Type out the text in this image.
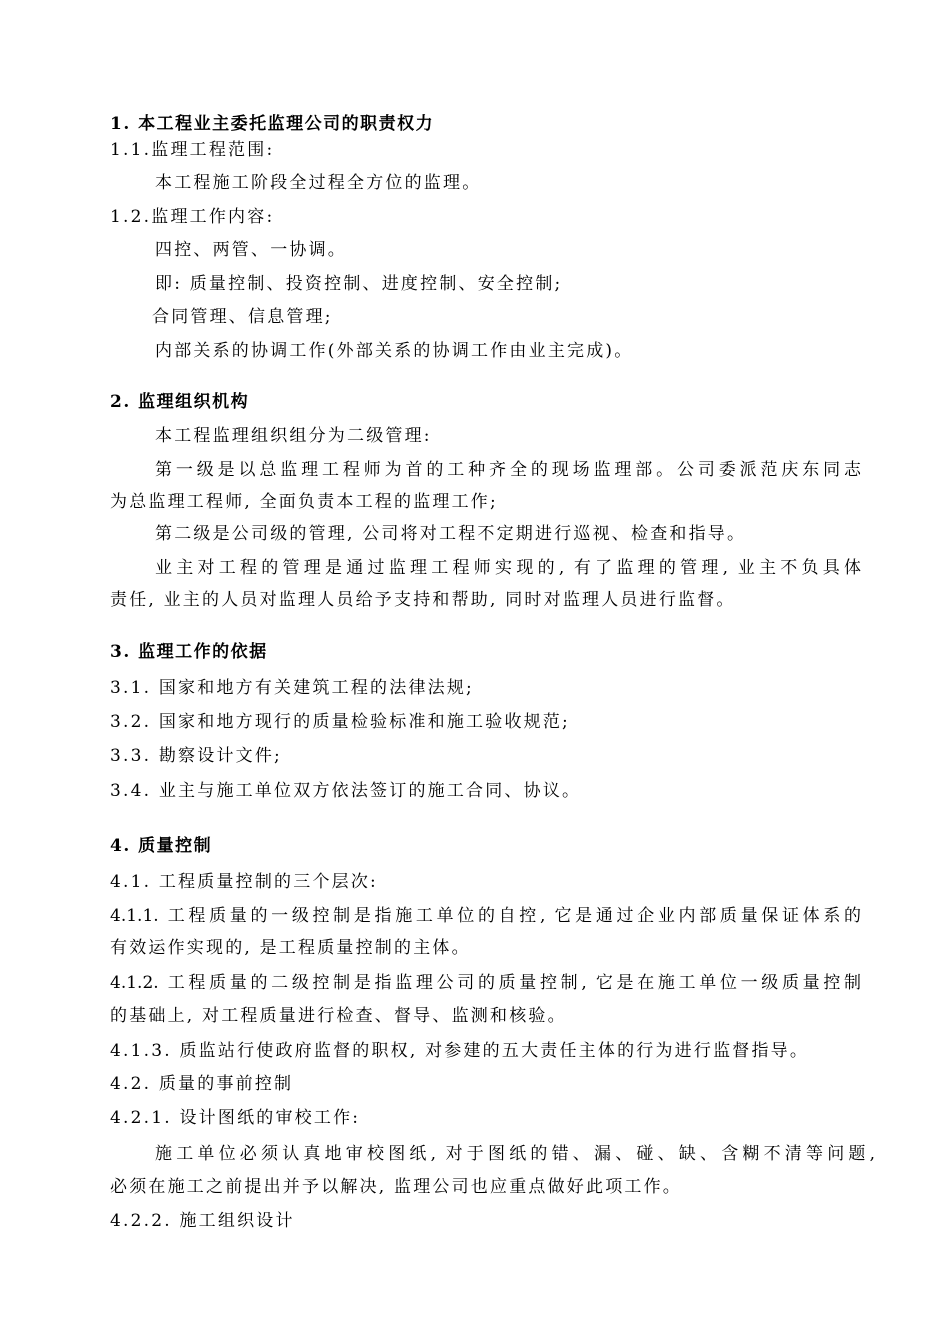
1. 本工程业主委托监理公司的职责权力
1.1.监理工程范围:
本工程施工阶段全过程全方位的监理。
1.2.监理工作内容:
四控、两管、一协调。
即: 质量控制、投资控制、进度控制、安全控制;
合同管理、信息管理;
内部关系的协调工作(外部关系的协调工作由业主完成)。
2. 监理组织机构
本工程监理组织组分为二级管理:
第一级是以总监理工程师为首的工种齐全的现场监理部。公司委派范庆东同志
为总监理工程师, 全面负责本工程的监理工作;
第二级是公司级的管理, 公司将对工程不定期进行巡视、检查和指导。
业主对工程的管理是通过监理工程师实现的, 有了监理的管理, 业主不负具体
责任, 业主的人员对监理人员给予支持和帮助, 同时对监理人员进行监督。
3. 监理工作的依据
3.1. 国家和地方有关建筑工程的法律法规;
3.2. 国家和地方现行的质量检验标准和施工验收规范;
3.3. 勘察设计文件;
3.4. 业主与施工单位双方依法签订的施工合同、协议。
4. 质量控制
4.1. 工程质量控制的三个层次:
4.1.1. 工程质量的一级控制是指施工单位的自控, 它是通过企业内部质量保证体系的
有效运作实现的, 是工程质量控制的主体。
4.1.2. 工程质量的二级控制是指监理公司的质量控制, 它是在施工单位一级质量控制
的基础上, 对工程质量进行检查、督导、监测和核验。
4.1.3. 质监站行使政府监督的职权, 对参建的五大责任主体的行为进行监督指导。
4.2. 质量的事前控制
4.2.1. 设计图纸的审校工作:
施工单位必须认真地审校图纸, 对于图纸的错、漏、碰、缺、含糊不清等问题,
必须在施工之前提出并予以解决, 监理公司也应重点做好此项工作。
4.2.2. 施工组织设计
